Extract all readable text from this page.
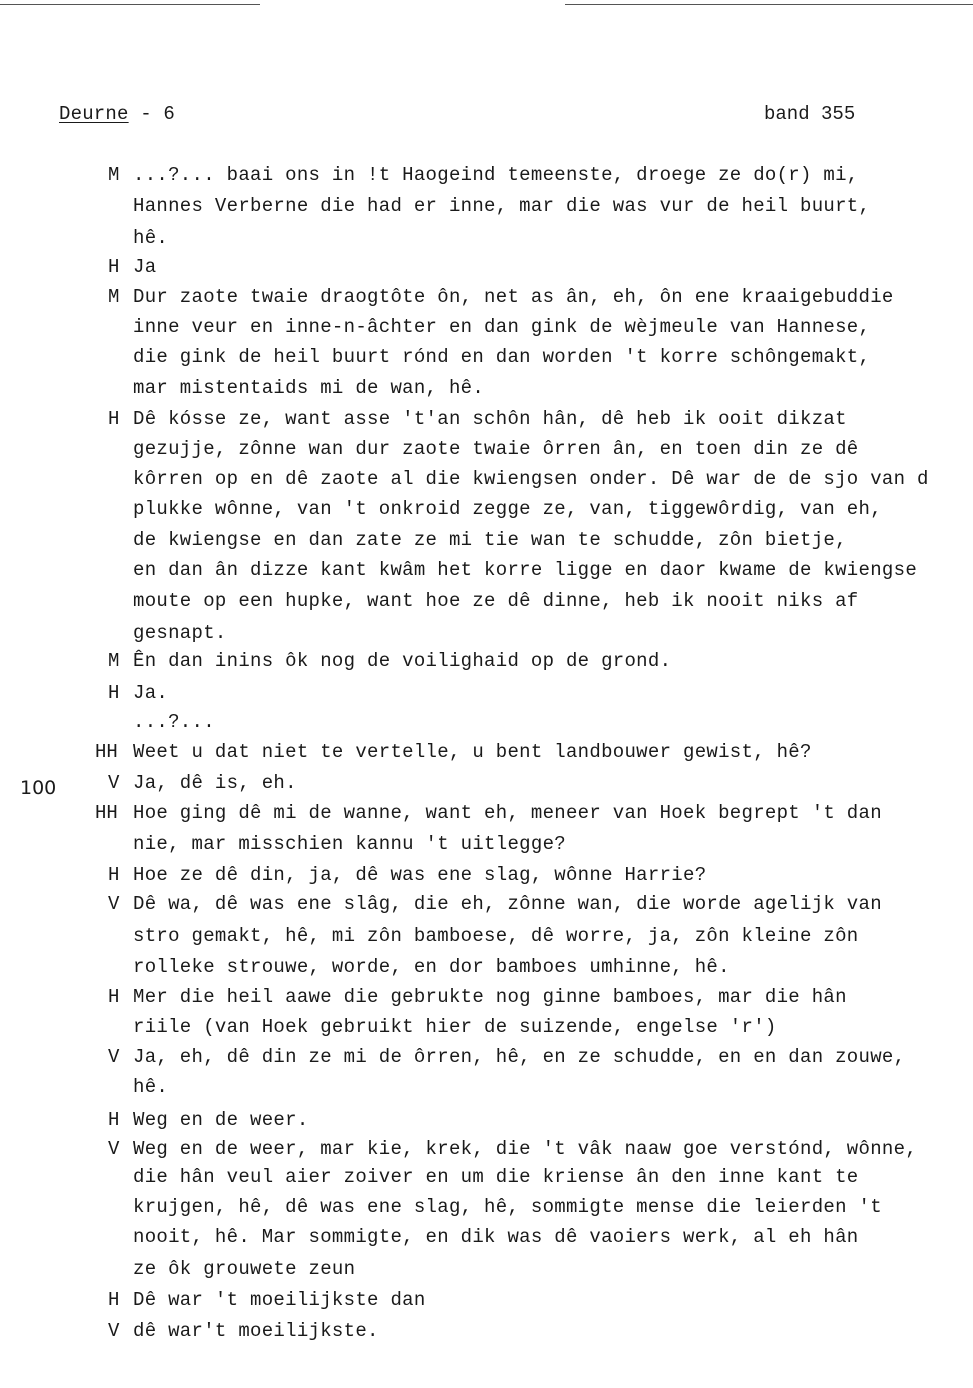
Deurne - 6	band 355
100
M ...?... baai ons in !t Haogeind temeenste, droege ze do(r) mi,
Hannes Verberne die had er inne, mar die was vur de heil buurt,
hê.
H Ja
M Dur zaote twaie draogtôte ôn, net as ân, eh, ôn ene kraaigebuddie
inne veur en inne-n-âchter en dan gink de wèjmeule van Hannese,
die gink de heil buurt rónd en dan worden 't korre schôngemakt,
mar mistentaids mi de wan, hê.
H Dê kósse ze, want asse 't'an schôn hân, dê heb ik ooit dikzat
gezujje, zônne wan dur zaote twaie ôrren ân, en toen din ze dê
kôrren op en dê zaote al die kwiengsen onder. Dê war de de sjo van d
plukke wônne, van 't onkroid zegge ze, van, tiggewôrdig, van eh,
de kwiengse en dan zate ze mi tie wan te schudde, zôn bietje,
en dan ân dizze kant kwâm het korre ligge en daor kwame de kwiengse
moute op een hupke, want hoe ze dê dinne, heb ik nooit niks af
gesnapt.
M Ên dan inins ôk nog de voilighaid op de grond.
H Ja.
...?...
HH Weet u dat niet te vertelle, u bent landbouwer gewist, hê?
V Ja, dê is, eh.
HH Hoe ging dê mi de wanne, want eh, meneer van Hoek begrept 't dan
nie, mar misschien kannu 't uitlegge?
H Hoe ze dê din, ja, dê was ene slag, wônne Harrie?
V Dê wa, dê was ene slâg, die eh, zônne wan, die worde agelijk van
stro gemakt, hê, mi zôn bamboese, dê worre, ja, zôn kleine zôn
rolleke strouwe, worde, en dor bamboes umhinne, hê.
H Mer die heil aawe die gebrukte nog ginne bamboes, mar die hân
riile (van Hoek gebruikt hier de suizende, engelse 'r')
V Ja, eh, dê din ze mi de ôrren, hê, en ze schudde, en en dan zouwe,
hê.
H Weg en de weer.
V Weg en de weer, mar kie, krek, die 't vâk naaw goe verstónd, wônne,
die hân veul aier zoiver en um die kriense ân den inne kant te
krujgen, hê, dê was ene slag, hê, sommigte mense die leierden 't
nooit, hê. Mar sommigte, en dik was dê vaoiers werk, al eh hân
ze ôk grouwete zeun
H Dê war 't moeilijkste dan
V dê war't moeilijkste.
